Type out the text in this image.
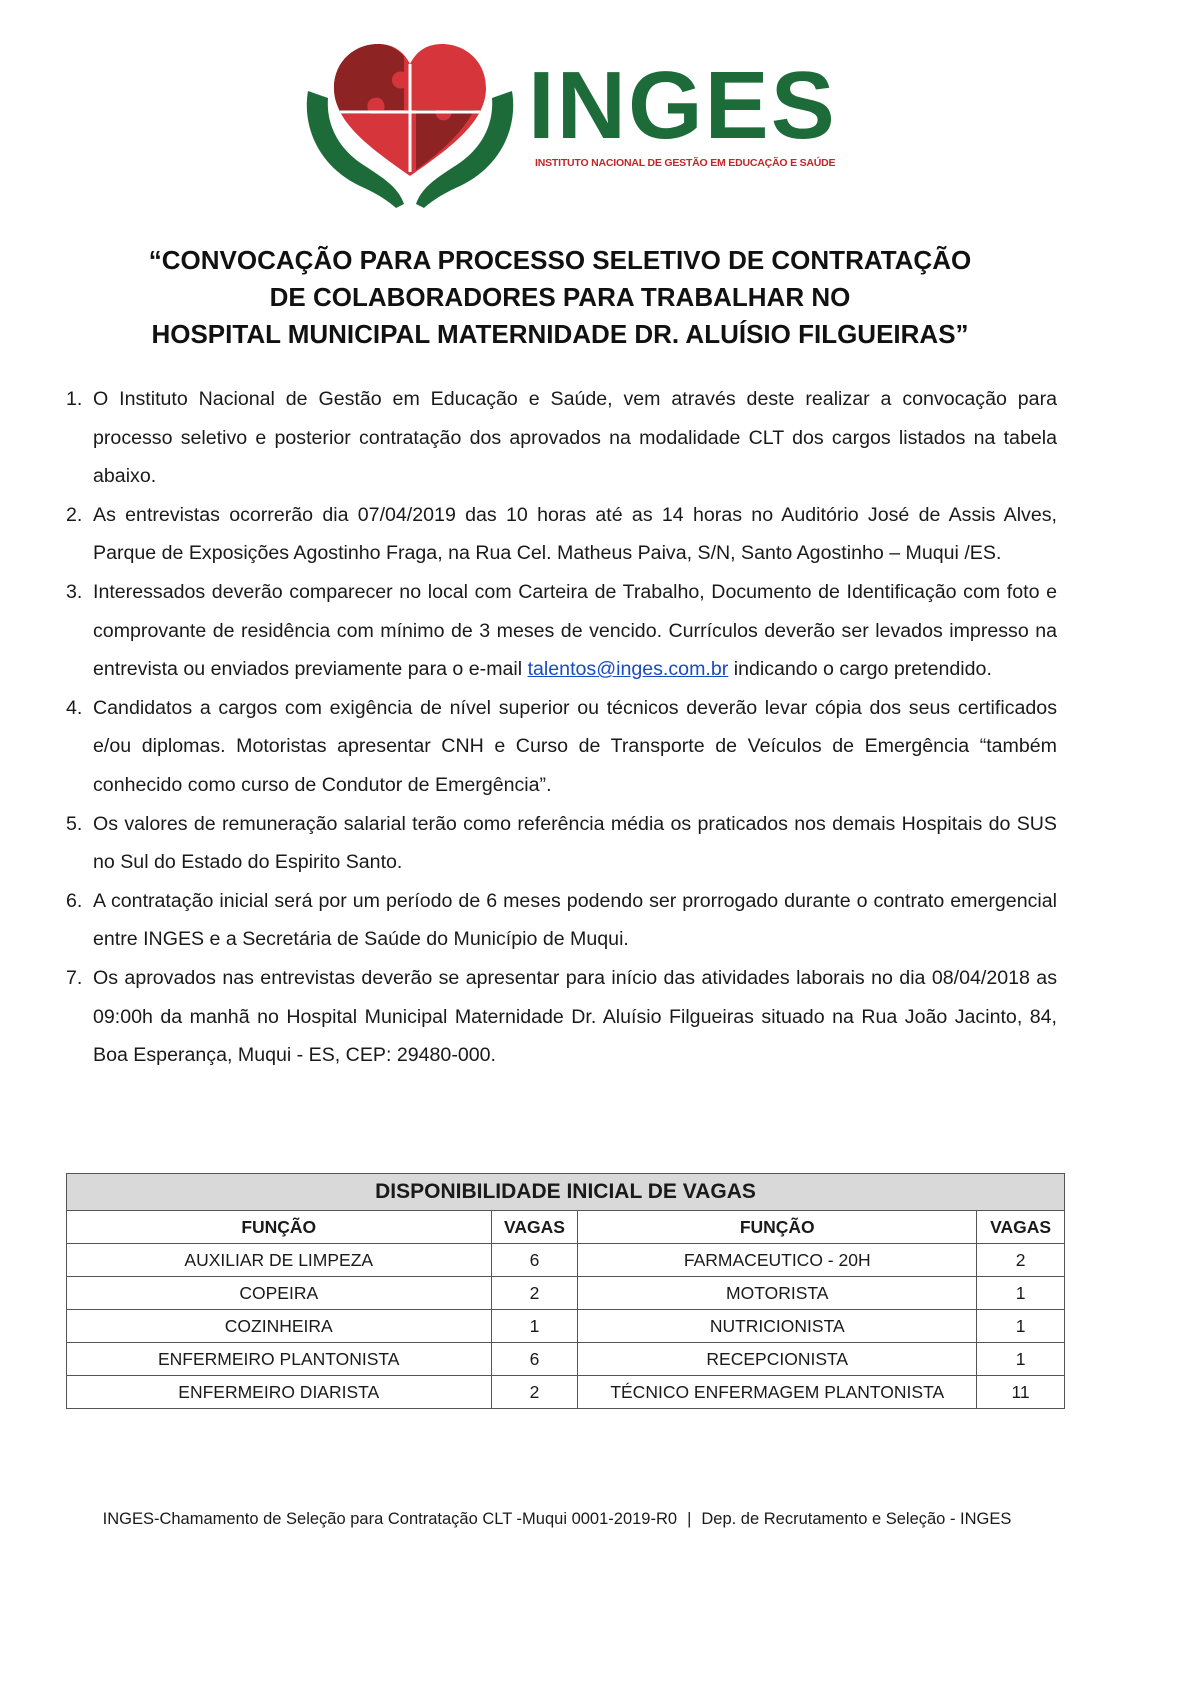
INGES
INSTITUTO NACIONAL DE GESTÃO EM EDUCAÇÃO E SAÚDE
“CONVOCAÇÃO PARA PROCESSO SELETIVO DE CONTRATAÇÃO
DE COLABORADORES PARA TRABALHAR NO
HOSPITAL MUNICIPAL MATERNIDADE DR. ALUÍSIO FILGUEIRAS”
1. O Instituto Nacional de Gestão em Educação e Saúde, vem através deste realizar a convocação para processo seletivo e posterior contratação dos aprovados na modalidade CLT dos cargos listados na tabela abaixo.
2. As entrevistas ocorrerão dia 07/04/2019 das 10 horas até as 14 horas no Auditório José de Assis Alves, Parque de Exposições Agostinho Fraga, na Rua Cel. Matheus Paiva, S/N, Santo Agostinho – Muqui /ES.
3. Interessados deverão comparecer no local com Carteira de Trabalho, Documento de Identificação com foto e comprovante de residência com mínimo de 3 meses de vencido. Currículos deverão ser levados impresso na entrevista ou enviados previamente para o e-mail talentos@inges.com.br indicando o cargo pretendido.
4. Candidatos a cargos com exigência de nível superior ou técnicos deverão levar cópia dos seus certificados e/ou diplomas. Motoristas apresentar CNH e Curso de Transporte de Veículos de Emergência “também conhecido como curso de Condutor de Emergência”.
5. Os valores de remuneração salarial terão como referência média os praticados nos demais Hospitais do SUS no Sul do Estado do Espirito Santo.
6. A contratação inicial será por um período de 6 meses podendo ser prorrogado durante o contrato emergencial entre INGES e a Secretária de Saúde do Município de Muqui.
7. Os aprovados nas entrevistas deverão se apresentar para início das atividades laborais no dia 08/04/2018 as 09:00h da manhã no Hospital Municipal Maternidade Dr. Aluísio Filgueiras situado na Rua João Jacinto, 84, Boa Esperança, Muqui - ES, CEP: 29480-000.
DISPONIBILIDADE INICIAL DE VAGAS			
FUNÇÃO	VAGAS	FUNÇÃO	VAGAS
AUXILIAR DE LIMPEZA	6	FARMACEUTICO - 20H	2
COPEIRA	2	MOTORISTA	1
COZINHEIRA	1	NUTRICIONISTA	1
ENFERMEIRO PLANTONISTA	6	RECEPCIONISTA	1
ENFERMEIRO DIARISTA	2	TÉCNICO ENFERMAGEM PLANTONISTA	11
INGES-Chamamento de Seleção para Contratação CLT -Muqui 0001-2019-R0 | Dep. de Recrutamento e Seleção - INGES
